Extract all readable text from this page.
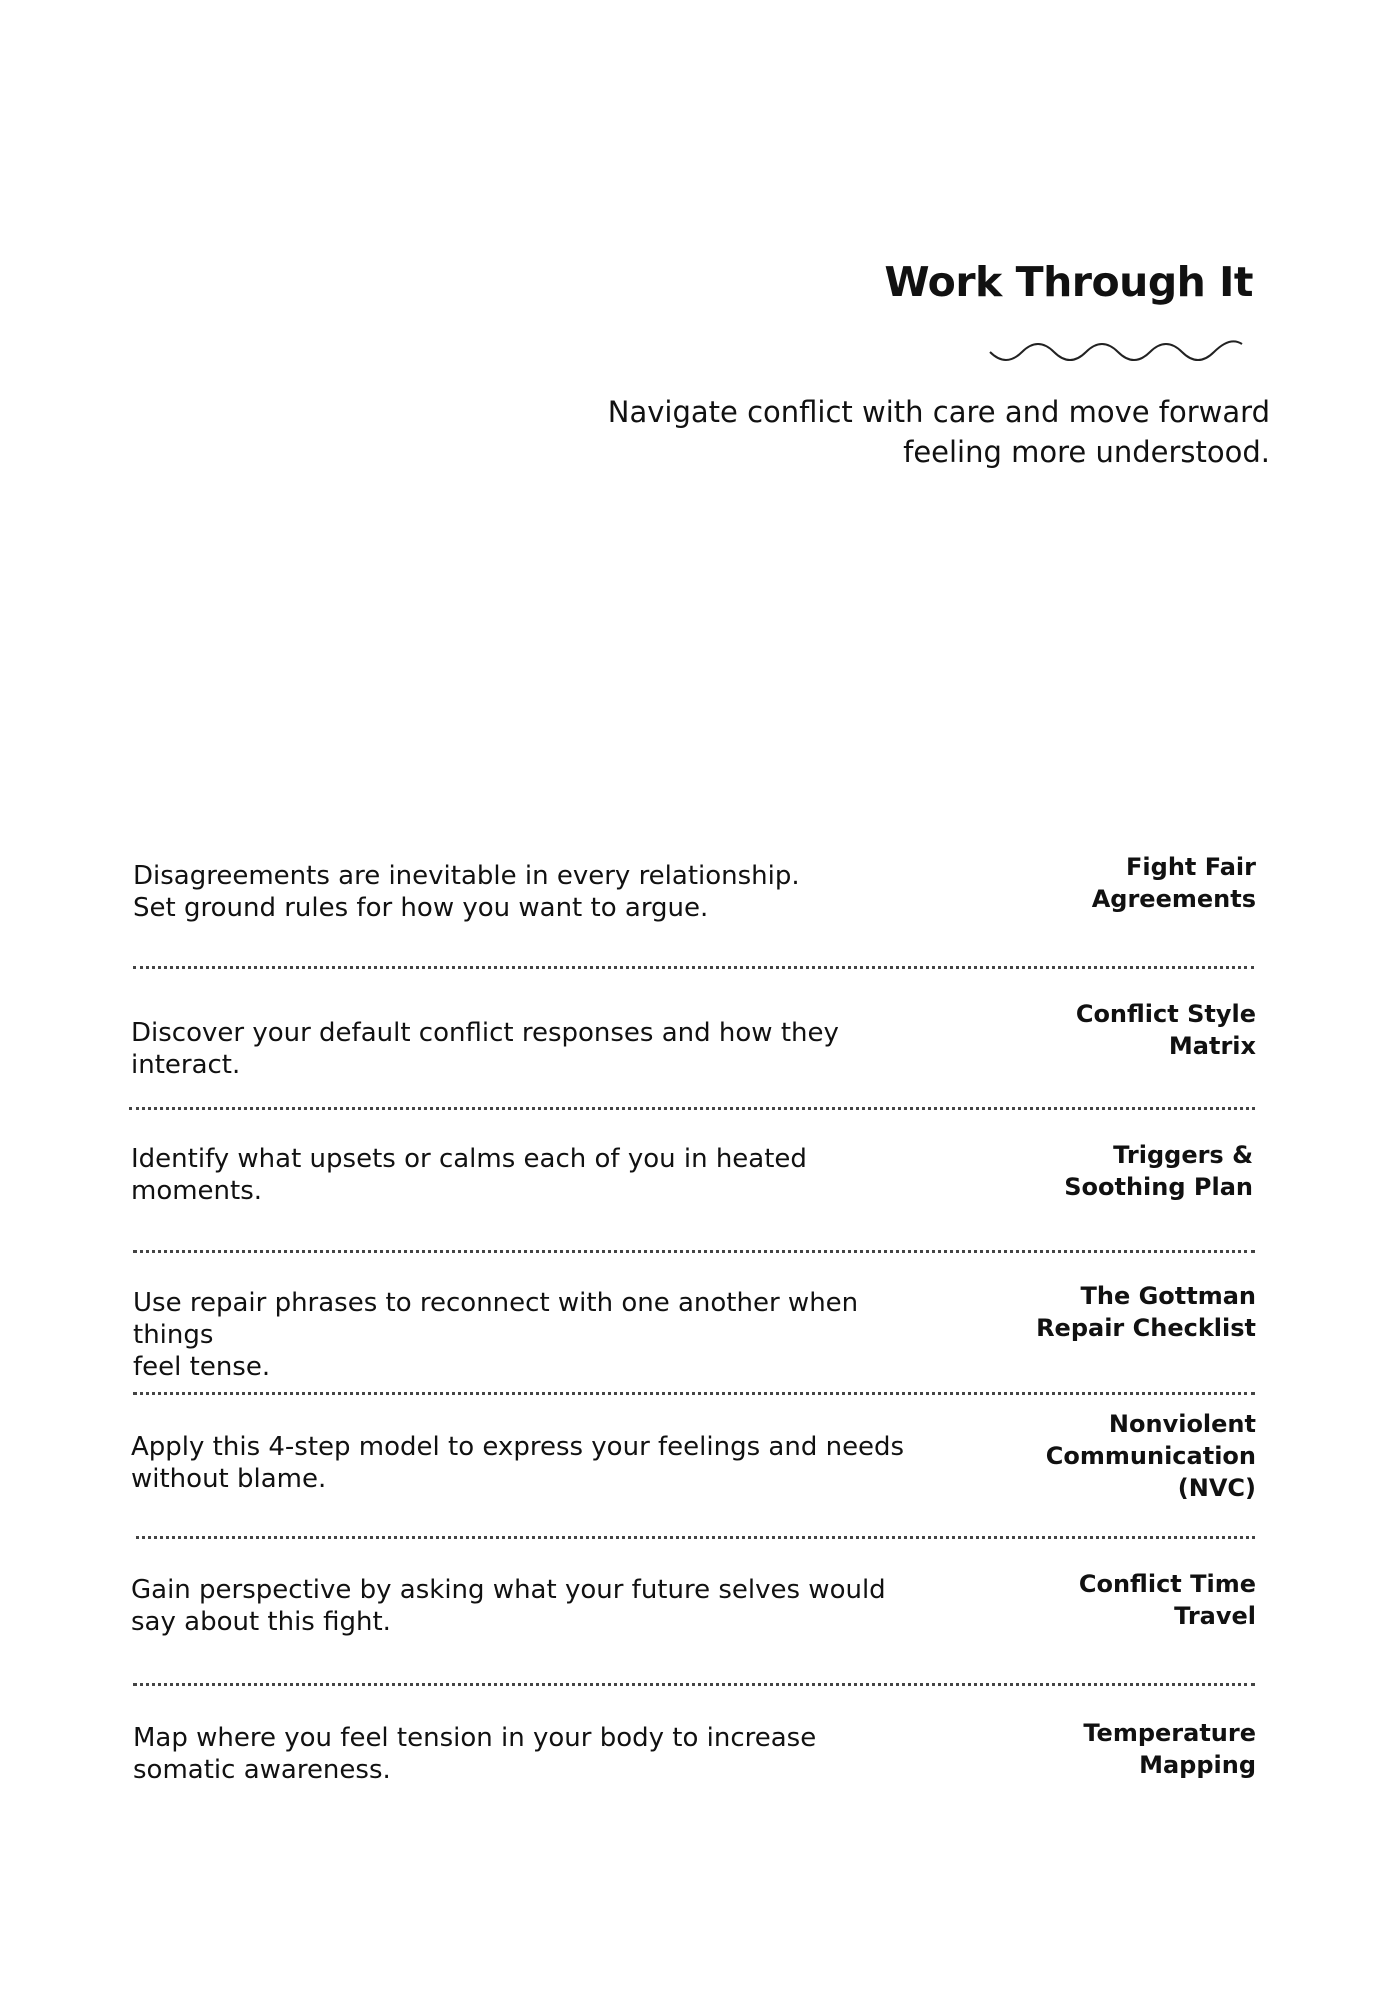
Work Through It
Navigate conflict with care and move forward
feeling more understood.
Disagreements are inevitable in every relationship.
Set ground rules for how you want to argue.
Fight Fair
Agreements
Discover your default conflict responses and how they
interact.
Conflict Style
Matrix
Identify what upsets or calms each of you in heated
moments.
Triggers &
Soothing Plan
Use repair phrases to reconnect with one another when
things
feel tense.
The Gottman
Repair Checklist
Apply this 4-step model to express your feelings and needs
without blame.
Nonviolent
Communication
(NVC)
Gain perspective by asking what your future selves would
say about this fight.
Conflict Time
Travel
Map where you feel tension in your body to increase
somatic awareness.
Temperature
Mapping
